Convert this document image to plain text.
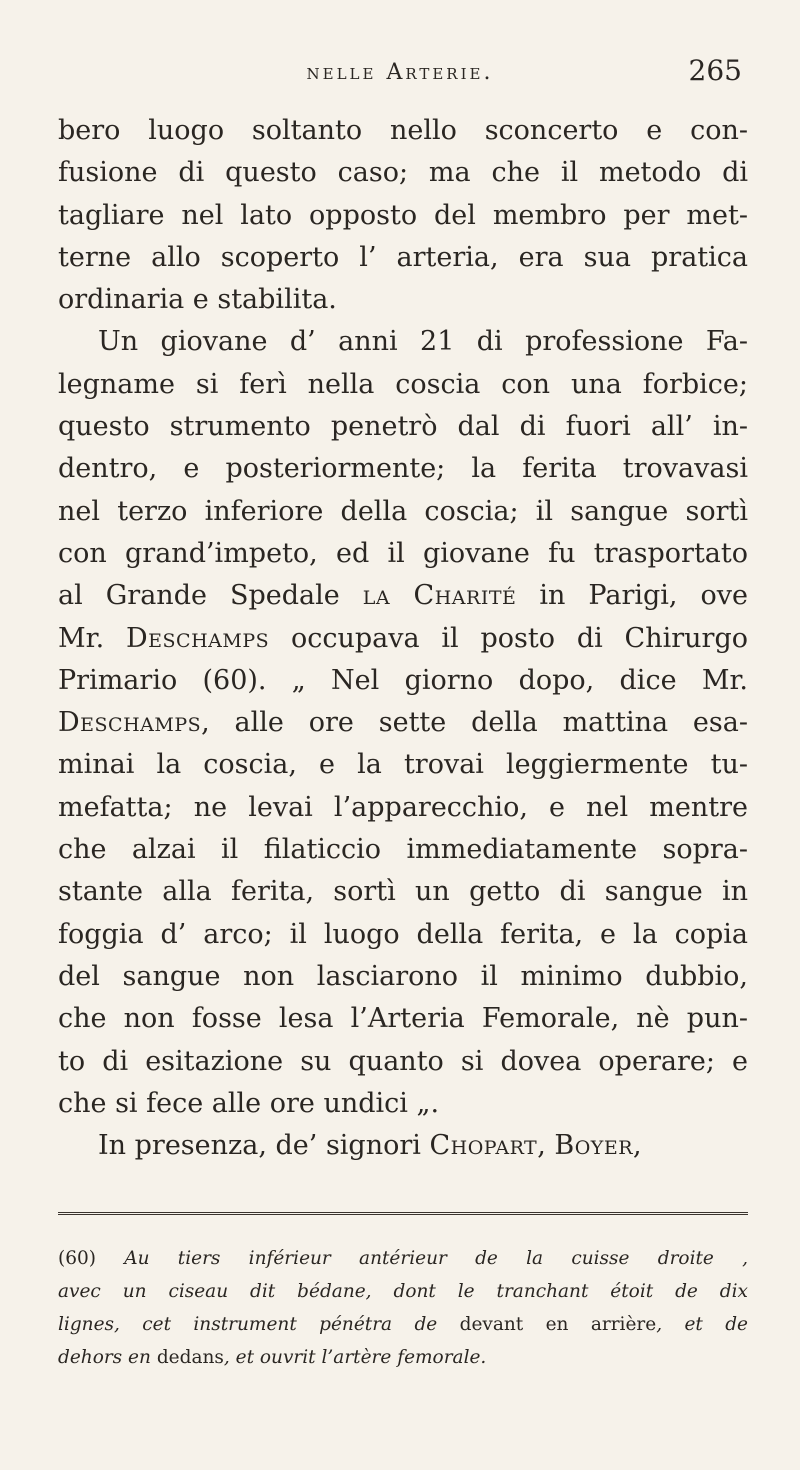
nelle Arterie.	265
bero luogo soltanto nello sconcerto e con-
fusione di questo caso; ma che il metodo di
tagliare nel lato opposto del membro per met-
terne allo scoperto l’ arteria, era sua pratica
ordinaria e stabilita.
Un giovane d’ anni 21 di professione Fa-
legname si ferì nella coscia con una forbice;
questo strumento penetrò dal di fuori all’ in-
dentro, e posteriormente; la ferita trovavasi
nel terzo inferiore della coscia; il sangue sortì
con grand’impeto, ed il giovane fu trasportato
al Grande Spedale la Charité in Parigi, ove
Mr. Deschamps occupava il posto di Chirurgo
Primario (60). „ Nel giorno dopo, dice Mr.
Deschamps, alle ore sette della mattina esa-
minai la coscia, e la trovai leggiermente tu-
mefatta; ne levai l’apparecchio, e nel mentre
che alzai il filaticcio immediatamente sopra-
stante alla ferita, sortì un getto di sangue in
foggia d’ arco; il luogo della ferita, e la copia
del sangue non lasciarono il minimo dubbio,
che non fosse lesa l’Arteria Femorale, nè pun-
to di esitazione su quanto si dovea operare; e
che si fece alle ore undici „.
In presenza, de’ signori Chopart, Boyer,
(60) Au tiers inférieur antérieur de la cuisse droite ,
avec un ciseau dit bédane, dont le tranchant étoit de dix
lignes, cet instrument pénétra de devant en arrière, et de
dehors en dedans, et ouvrit l’artère femorale.
